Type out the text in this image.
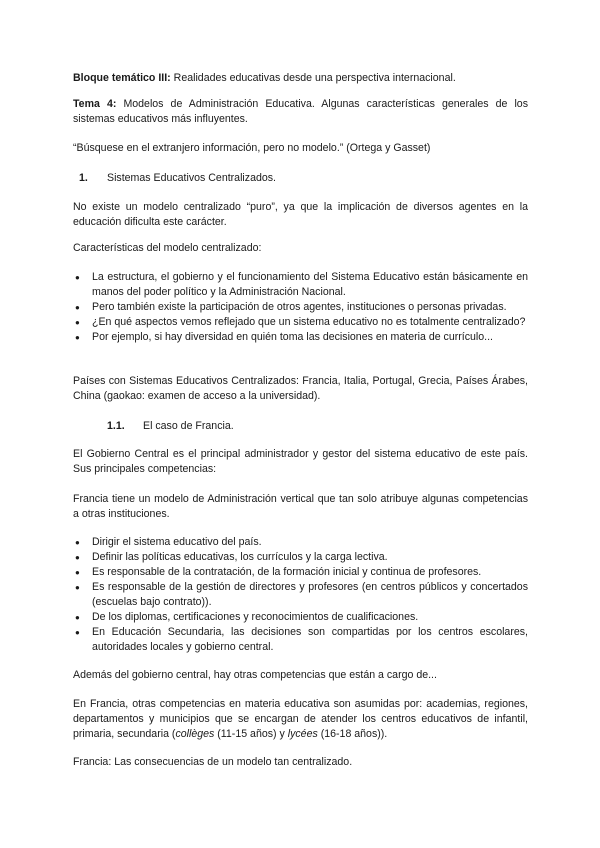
Bloque temático III: Realidades educativas desde una perspectiva internacional.
Tema 4: Modelos de Administración Educativa. Algunas características generales de los sistemas educativos más influyentes.
“Búsquese en el extranjero información, pero no modelo.” (Ortega y Gasset)
1. Sistemas Educativos Centralizados.
No existe un modelo centralizado “puro”, ya que la implicación de diversos agentes en la educación dificulta este carácter.
Características del modelo centralizado:
● La estructura, el gobierno y el funcionamiento del Sistema Educativo están básicamente en manos del poder político y la Administración Nacional.
● Pero también existe la participación de otros agentes, instituciones o personas privadas.
● ¿En qué aspectos vemos reflejado que un sistema educativo no es totalmente centralizado?
● Por ejemplo, si hay diversidad en quién toma las decisiones en materia de currículo...
Países con Sistemas Educativos Centralizados: Francia, Italia, Portugal, Grecia, Países Árabes, China (gaokao: examen de acceso a la universidad).
1.1. El caso de Francia.
El Gobierno Central es el principal administrador y gestor del sistema educativo de este país. Sus principales competencias:
Francia tiene un modelo de Administración vertical que tan solo atribuye algunas competencias a otras instituciones.
● Dirigir el sistema educativo del país.
● Definir las políticas educativas, los currículos y la carga lectiva.
● Es responsable de la contratación, de la formación inicial y continua de profesores.
● Es responsable de la gestión de directores y profesores (en centros públicos y concertados (escuelas bajo contrato)).
● De los diplomas, certificaciones y reconocimientos de cualificaciones.
● En Educación Secundaria, las decisiones son compartidas por los centros escolares, autoridades locales y gobierno central.
Además del gobierno central, hay otras competencias que están a cargo de...
En Francia, otras competencias en materia educativa son asumidas por: academias, regiones, departamentos y municipios que se encargan de atender los centros educativos de infantil, primaria, secundaria (collèges (11-15 años) y lycées (16-18 años)).
Francia: Las consecuencias de un modelo tan centralizado.
